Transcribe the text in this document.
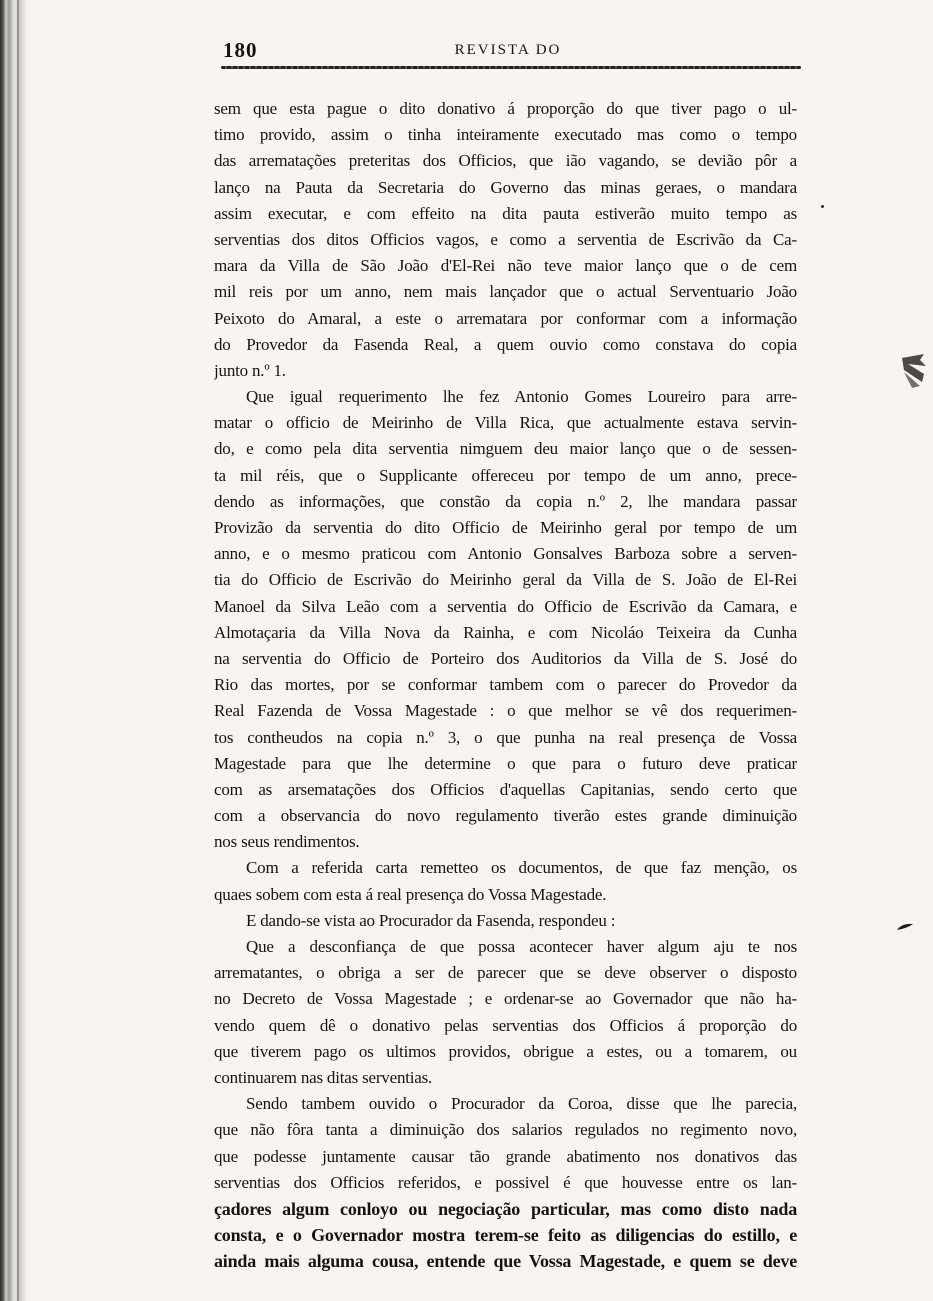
180	REVISTA DO
sem que esta pague o dito donativo á proporção do que tiver pago o ul-
timo provido, assim o tinha inteiramente executado mas como o tempo
das arrematações preteritas dos Officios, que ião vagando, se devião pôr a
lanço na Pauta da Secretaria do Governo das minas geraes, o mandara
assim executar, e com effeito na dita pauta estiverão muito tempo as
serventias dos ditos Officios vagos, e como a serventia de Escrivão da Ca-
mara da Villa de São João d'El-Rei não teve maior lanço que o de cem
mil reis por um anno, nem mais lançador que o actual Serventuario João
Peixoto do Amaral, a este o arrematara por conformar com a informação
do Provedor da Fasenda Real, a quem ouvio como constava do copia
junto n.º 1.
Que igual requerimento lhe fez Antonio Gomes Loureiro para arre-
matar o officio de Meirinho de Villa Rica, que actualmente estava servin-
do, e como pela dita serventia nimguem deu maior lanço que o de sessen-
ta mil réis, que o Supplicante offereceu por tempo de um anno, prece-
dendo as informações, que constão da copia n.º 2, lhe mandara passar
Provizão da serventia do dito Officio de Meirinho geral por tempo de um
anno, e o mesmo praticou com Antonio Gonsalves Barboza sobre a serven-
tia do Officio de Escrivão do Meirinho geral da Villa de S. João de El-Rei
Manoel da Silva Leão com a serventia do Officio de Escrivão da Camara, e
Almotaçaria da Villa Nova da Rainha, e com Nicoláo Teixeira da Cunha
na serventia do Officio de Porteiro dos Auditorios da Villa de S. José do
Rio das mortes, por se conformar tambem com o parecer do Provedor da
Real Fazenda de Vossa Magestade : o que melhor se vê dos requerimen-
tos contheudos na copia n.º 3, o que punha na real presença de Vossa
Magestade para que lhe determine o que para o futuro deve praticar
com as arsematações dos Officios d'aquellas Capitanias, sendo certo que
com a observancia do novo regulamento tiverão estes grande diminuição
nos seus rendimentos.
Com a referida carta remetteo os documentos, de que faz menção, os
quaes sobem com esta á real presença do Vossa Magestade.
E dando-se vista ao Procurador da Fasenda, respondeu :
Que a desconfiança de que possa acontecer haver algum aju te nos
arrematantes, o obriga a ser de parecer que se deve observer o disposto
no Decreto de Vossa Magestade ; e ordenar-se ao Governador que não ha-
vendo quem dê o donativo pelas serventias dos Officios á proporção do
que tiverem pago os ultimos providos, obrigue a estes, ou a tomarem, ou
continuarem nas ditas serventias.
Sendo tambem ouvido o Procurador da Coroa, disse que lhe parecia,
que não fôra tanta a diminuição dos salarios regulados no regimento novo,
que podesse juntamente causar tão grande abatimento nos donativos das
serventias dos Officios referidos, e possivel é que houvesse entre os lan-
çadores algum conloyo ou negociação particular, mas como disto nada
consta, e o Governador mostra terem-se feito as diligencias do estillo, e
ainda mais alguma cousa, entende que Vossa Magestade, e quem se deve
